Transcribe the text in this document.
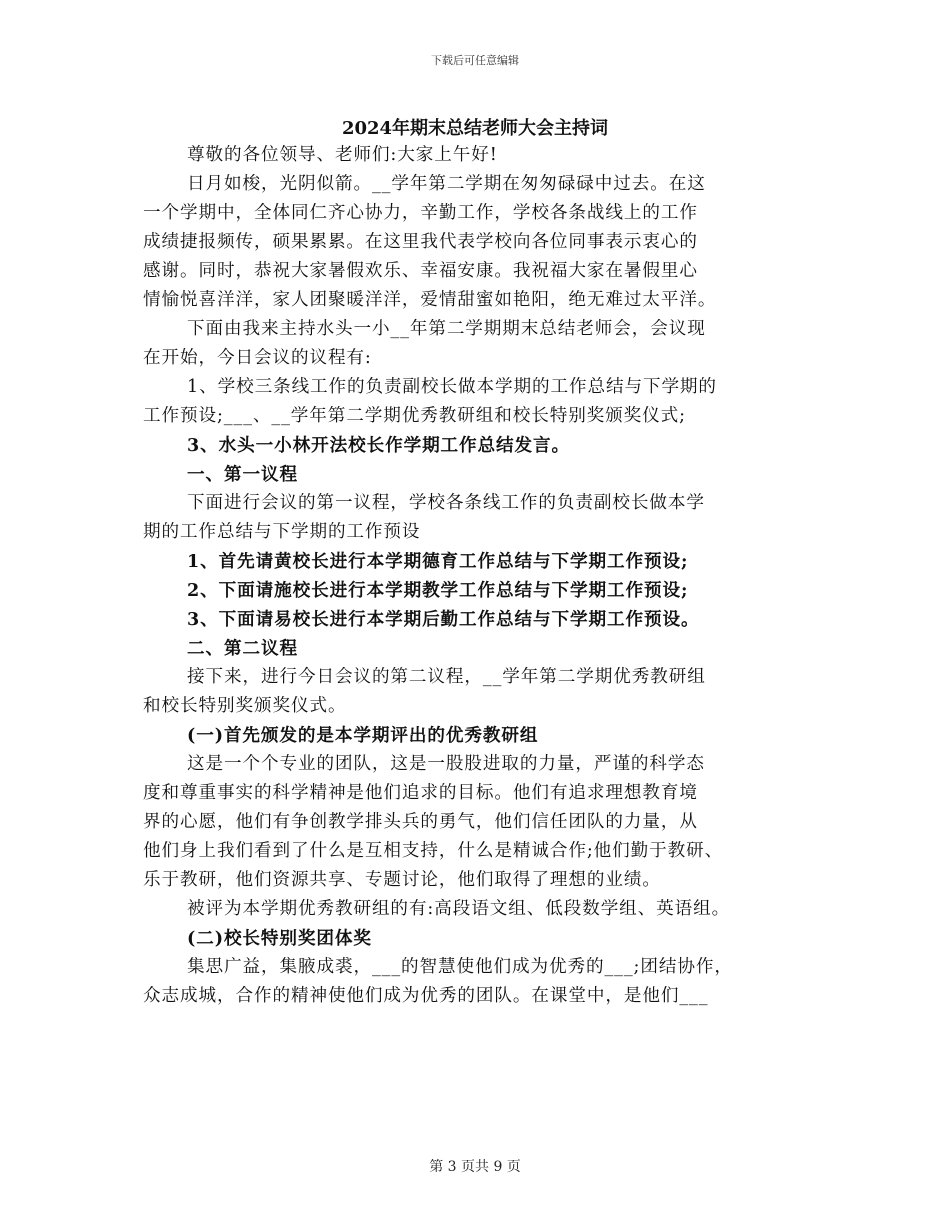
下载后可任意编辑
2024年期末总结老师大会主持词

尊敬的各位领导、老师们:大家上午好!

日月如梭，光阴似箭。__学年第二学期在匆匆碌碌中过去。在这

一个学期中，全体同仁齐心协力，辛勤工作，学校各条战线上的工作

成绩捷报频传，硕果累累。在这里我代表学校向各位同事表示衷心的

感谢。同时，恭祝大家暑假欢乐、幸福安康。我祝福大家在暑假里心

情愉悦喜洋洋，家人团聚暖洋洋，爱情甜蜜如艳阳，绝无难过太平洋。

下面由我来主持水头一小__年第二学期期末总结老师会，会议现

在开始，今日会议的议程有:

1、学校三条线工作的负责副校长做本学期的工作总结与下学期的

工作预设;___、__学年第二学期优秀教研组和校长特别奖颁奖仪式;

3、水头一小林开法校长作学期工作总结发言。

一、第一议程

下面进行会议的第一议程，学校各条线工作的负责副校长做本学

期的工作总结与下学期的工作预设

1、首先请黄校长进行本学期德育工作总结与下学期工作预设;

2、下面请施校长进行本学期教学工作总结与下学期工作预设;

3、下面请易校长进行本学期后勤工作总结与下学期工作预设。

二、第二议程

接下来，进行今日会议的第二议程，__学年第二学期优秀教研组

和校长特别奖颁奖仪式。

(一)首先颁发的是本学期评出的优秀教研组

这是一个个专业的团队，这是一股股进取的力量，严谨的科学态

度和尊重事实的科学精神是他们追求的目标。他们有追求理想教育境

界的心愿，他们有争创教学排头兵的勇气，他们信任团队的力量，从

他们身上我们看到了什么是互相支持，什么是精诚合作;他们勤于教研、

乐于教研，他们资源共享、专题讨论，他们取得了理想的业绩。

被评为本学期优秀教研组的有:高段语文组、低段数学组、英语组。

(二)校长特别奖团体奖

集思广益，集腋成裘，___的智慧使他们成为优秀的___;团结协作，

众志成城，合作的精神使他们成为优秀的团队。在课堂中，是他们___

第 3 页共 9 页
